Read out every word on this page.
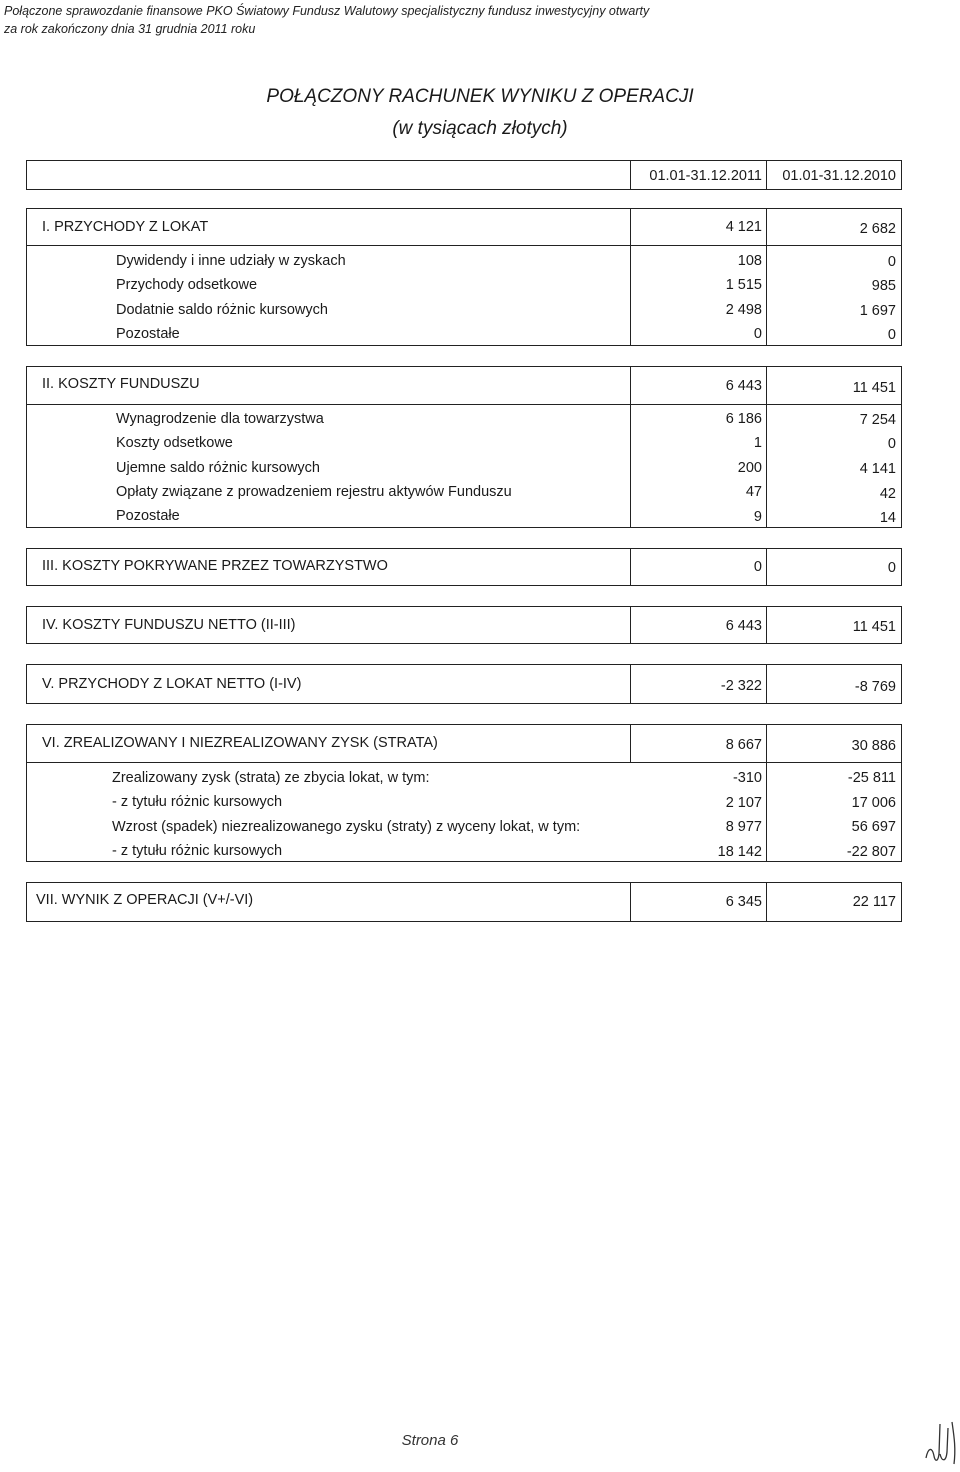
Połączone sprawozdanie finansowe PKO Światowy Fundusz Walutowy specjalistyczny fundusz inwestycyjny otwarty
za rok zakończony dnia 31 grudnia 2011 roku
POŁĄCZONY RACHUNEK WYNIKU Z OPERACJI
(w tysiącach złotych)
01.01-31.12.2011	01.01-31.12.2010
I. PRZYCHODY Z LOKAT	4 121	2 682
Dywidendy i inne udziały w zyskach	108	0
Przychody odsetkowe	1 515	985
Dodatnie saldo różnic kursowych	2 498	1 697
Pozostałe	0	0
II. KOSZTY FUNDUSZU	6 443	11 451
Wynagrodzenie dla towarzystwa	6 186	7 254
Koszty odsetkowe	1	0
Ujemne saldo różnic kursowych	200	4 141
Opłaty związane z prowadzeniem rejestru aktywów Funduszu	47	42
Pozostałe	9	14
III. KOSZTY POKRYWANE PRZEZ TOWARZYSTWO	0	0
IV. KOSZTY FUNDUSZU NETTO (II-III)	6 443	11 451
V. PRZYCHODY Z LOKAT NETTO (I-IV)	-2 322	-8 769
VI. ZREALIZOWANY I NIEZREALIZOWANY ZYSK (STRATA)	8 667	30 886
Zrealizowany zysk (strata) ze zbycia lokat, w tym:	-310	-25 811
- z tytułu różnic kursowych	2 107	17 006
Wzrost (spadek) niezrealizowanego zysku (straty) z wyceny lokat, w tym:	8 977	56 697
- z tytułu różnic kursowych	18 142	-22 807
VII. WYNIK Z OPERACJI (V+/-VI)	6 345	22 117
Strona 6
